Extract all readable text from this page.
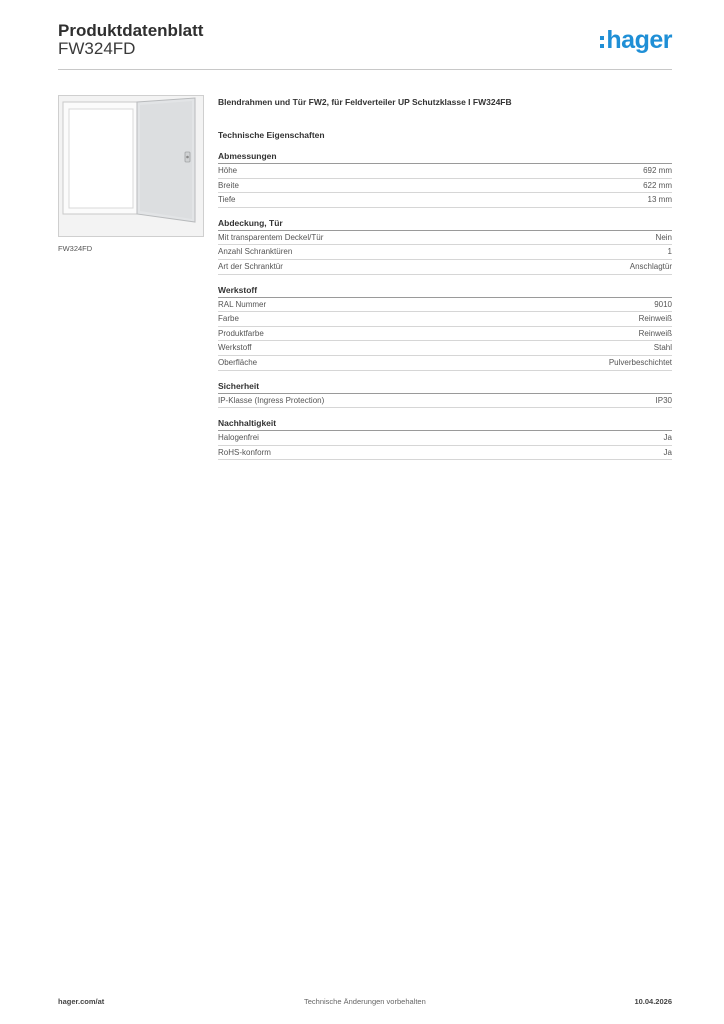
Produktdatenblatt
FW324FD	hager
FW324FD
Blendrahmen und Tür FW2, für Feldverteiler UP Schutzklasse I FW324FB
Technische Eigenschaften
Abmessungen
Höhe	692 mm
Breite	622 mm
Tiefe	13 mm
Abdeckung, Tür
Mit transparentem Deckel/Tür	Nein
Anzahl Schranktüren	1
Art der Schranktür	Anschlagtür
Werkstoff
RAL Nummer	9010
Farbe	Reinweiß
Produktfarbe	Reinweiß
Werkstoff	Stahl
Oberfläche	Pulverbeschichtet
Sicherheit
IP-Klasse (Ingress Protection)	IP30
Nachhaltigkeit
Halogenfrei	Ja
RoHS-konform	Ja
hager.com/at	Technische Änderungen vorbehalten	10.04.2026
